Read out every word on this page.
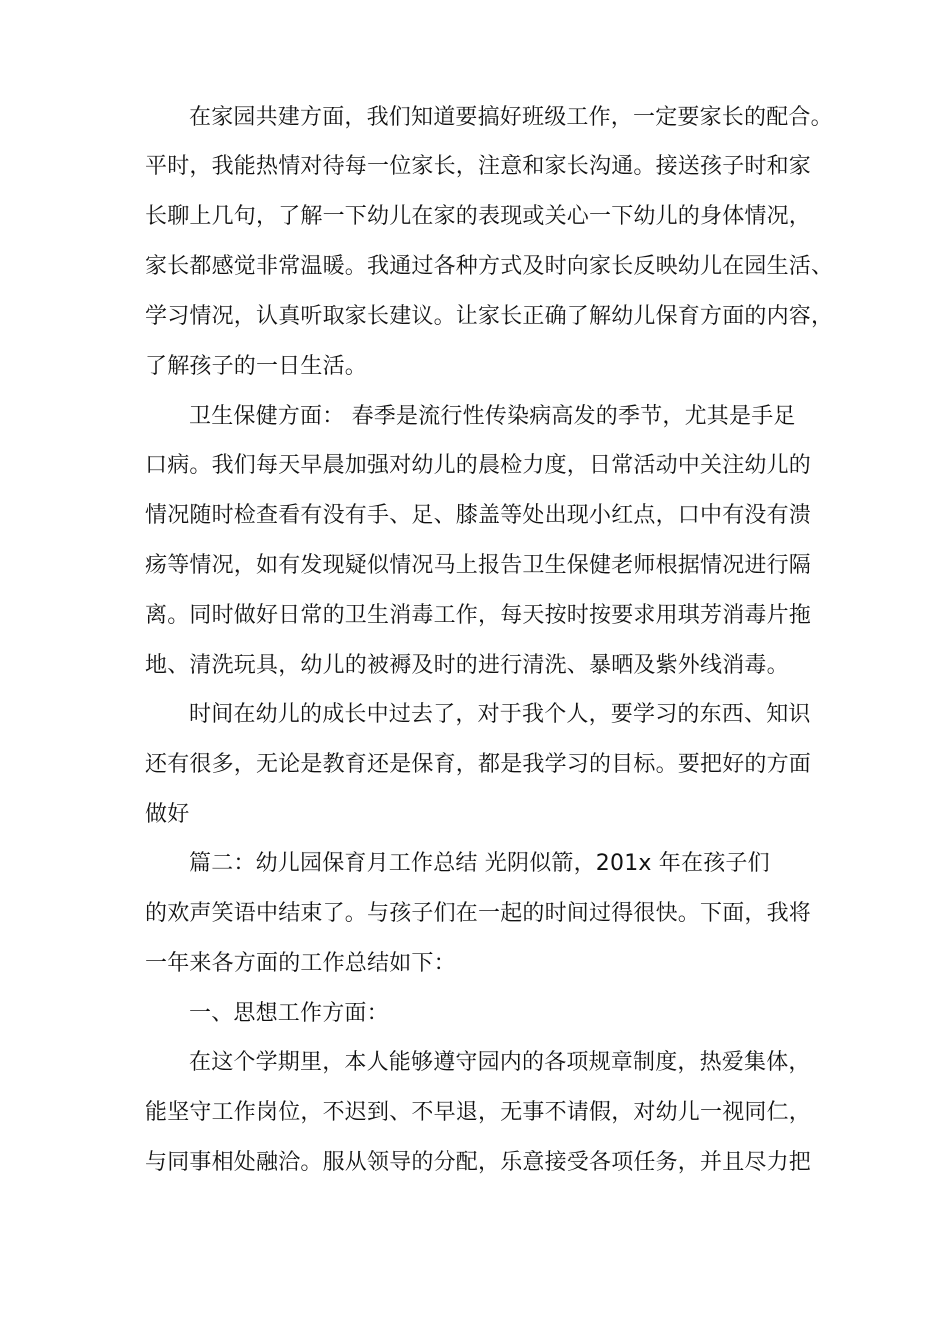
在家园共建方面，我们知道要搞好班级工作，一定要家长的配合。
平时，我能热情对待每一位家长，注意和家长沟通。接送孩子时和家
长聊上几句，了解一下幼儿在家的表现或关心一下幼儿的身体情况，
家长都感觉非常温暖。我通过各种方式及时向家长反映幼儿在园生活、
学习情况，认真听取家长建议。让家长正确了解幼儿保育方面的内容，
了解孩子的一日生活。
卫生保健方面： 春季是流行性传染病高发的季节，尤其是手足
口病。我们每天早晨加强对幼儿的晨检力度，日常活动中关注幼儿的
情况随时检查看有没有手、足、膝盖等处出现小红点，口中有没有溃
疡等情况，如有发现疑似情况马上报告卫生保健老师根据情况进行隔
离。同时做好日常的卫生消毒工作，每天按时按要求用琪芳消毒片拖
地、清洗玩具，幼儿的被褥及时的进行清洗、暴晒及紫外线消毒。
时间在幼儿的成长中过去了，对于我个人，要学习的东西、知识
还有很多，无论是教育还是保育，都是我学习的目标。要把好的方面
做好
篇二：幼儿园保育月工作总结 光阴似箭，201x 年在孩子们
的欢声笑语中结束了。与孩子们在一起的时间过得很快。下面，我将
一年来各方面的工作总结如下：
一、思想工作方面：
在这个学期里，本人能够遵守园内的各项规章制度，热爱集体，
能坚守工作岗位，不迟到、不早退，无事不请假，对幼儿一视同仁，
与同事相处融洽。服从领导的分配，乐意接受各项任务，并且尽力把
